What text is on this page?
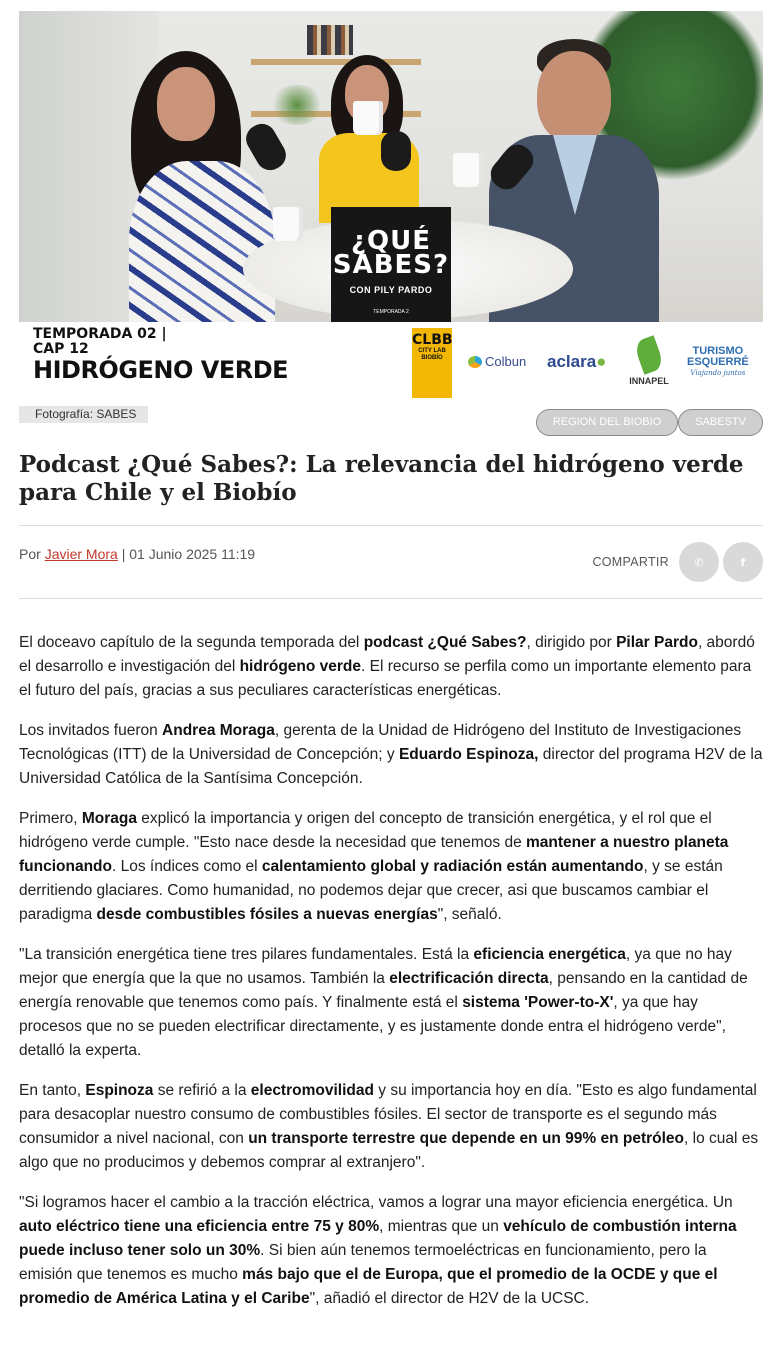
¿QUÉ
SABES?
CON PILY PARDO
TEMPORADA 2
TEMPORADA 02 |
CAP 12
HIDRÓGENO VERDE
CLBB
CITY LAB BIOBÍO	Colbun aclara●
INNAPEL
TURISMO
ESQUERRÉ
Viajando juntos
Fotografía: SABES
REGION DEL BIOBIO	SABESTV
Podcast ¿Qué Sabes?: La relevancia del hidrógeno verde para Chile y el Biobío
Por Javier Mora | 01 Junio 2025 11:19	COMPARTIR ✆	f

El doceavo capítulo de la segunda temporada del podcast ¿Qué Sabes?, dirigido por Pilar Pardo, abordó el desarrollo e investigación del hidrógeno verde. El recurso se perfila como un importante elemento para el futuro del país, gracias a sus peculiares características energéticas.

Los invitados fueron Andrea Moraga, gerenta de la Unidad de Hidrógeno del Instituto de Investigaciones Tecnológicas (ITT) de la Universidad de Concepción; y Eduardo Espinoza, director del programa H2V de la Universidad Católica de la Santísima Concepción.

Primero, Moraga explicó la importancia y origen del concepto de transición energética, y el rol que el hidrógeno verde cumple. "Esto nace desde la necesidad que tenemos de mantener a nuestro planeta funcionando. Los índices como el calentamiento global y radiación están aumentando, y se están derritiendo glaciares. Como humanidad, no podemos dejar que crecer, asi que buscamos cambiar el paradigma desde combustibles fósiles a nuevas energías", señaló.

"La transición energética tiene tres pilares fundamentales. Está la eficiencia energética, ya que no hay mejor que energía que la que no usamos. También la electrificación directa, pensando en la cantidad de energía renovable que tenemos como país. Y finalmente está el sistema 'Power-to-X', ya que hay procesos que no se pueden electrificar directamente, y es justamente donde entra el hidrógeno verde", detalló la experta.

En tanto, Espinoza se refirió a la electromovilidad y su importancia hoy en día. "Esto es algo fundamental para desacoplar nuestro consumo de combustibles fósiles. El sector de transporte es el segundo más consumidor a nivel nacional, con un transporte terrestre que depende en un 99% en petróleo, lo cual es algo que no producimos y debemos comprar al extranjero".

"Si logramos hacer el cambio a la tracción eléctrica, vamos a lograr una mayor eficiencia energética. Un auto eléctrico tiene una eficiencia entre 75 y 80%, mientras que un vehículo de combustión interna puede incluso tener solo un 30%. Si bien aún tenemos termoeléctricas en funcionamiento, pero la emisión que tenemos es mucho más bajo que el de Europa, que el promedio de la OCDE y que el promedio de América Latina y el Caribe", añadió el director de H2V de la UCSC.
